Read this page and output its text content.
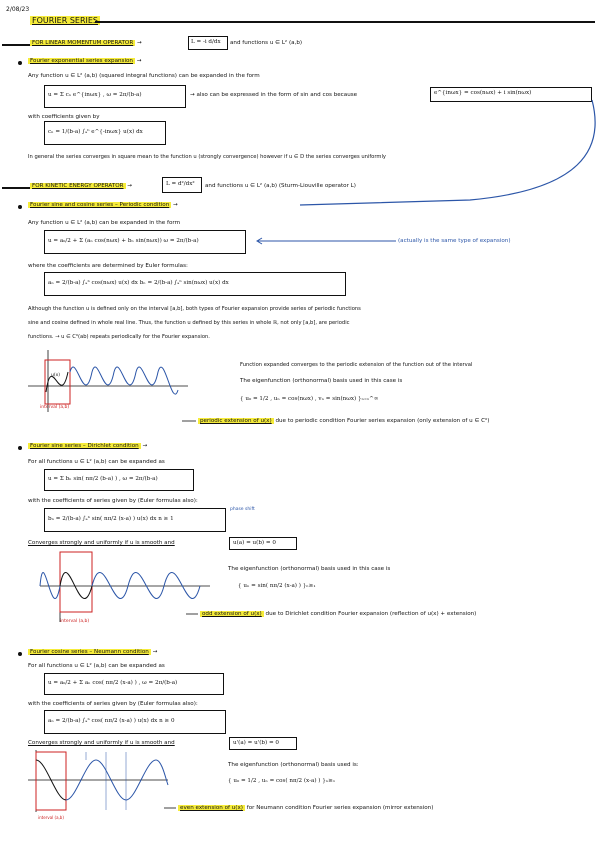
2/08/23
FOURIER SERIES
FOR LINEAR MOMENTUM OPERATOR →	L = -i d/dx and functions u ∈ L² (a,b)
Fourier exponential series expansion →
Any function u ∈ L² (a,b) (squared integral functions) can be expanded in the form
u = Σ cₙ e^{inωx} , ω = 2π/(b-a)	→ also can be expressed in the form of sin and cos because	e^{inωx} = cos(nωx) + i sin(nωx)
with coefficients given by
cₙ = 1/(b-a) ∫ₐᵇ e^{-inωx} u(x) dx
In general the series converges in square mean to the function u (strongly convergence) however if u ∈ D the series converges uniformly
FOR KINETIC ENERGY OPERATOR →	L = d²/dx² and functions u ∈ L² (a,b) (Sturm-Liouville operator L)
Fourier sine and cosine series – Periodic condition →
Any function u ∈ L² (a,b) can be expanded in the form
u = a₀/2 + Σ (aₙ cos(nωx) + bₙ sin(nωx)) ω = 2π/(b-a)	(actually is the same type of expansion)
where the coefficients are determined by Euler formulas:
aₙ = 2/(b-a) ∫ₐᵇ cos(nωx) u(x) dx bₙ = 2/(b-a) ∫ₐᵇ sin(nωx) u(x) dx
Although the function u is defined only on the interval [a,b], both types of Fourier expansion provide series of periodic functions
sine and cosine defined in whole real line. Thus, the function u defined by this series in whole ℝ, not only [a,b], are periodic
functions. → u ∈ C⁰(ab) repeats periodically for the Fourier expansion.
Function expanded converges to the periodic extension of the function out of the interval
The eigenfunction (orthonormal) basis used in this case is
{ u₀ = 1/2 , uₙ = cos(nωx) , vₙ = sin(nωx) }ₙ₌₁^∞
u(x)
interval (a,b)
periodic extension of u(x) due to periodic condition Fourier series expansion (only extension of u ∈ C⁰)
Fourier sine series – Dirichlet condition →
For all functions u ∈ L² (a,b) can be expanded as
u = Σ bₙ sin( nπ/2 (b-a) ) , ω = 2π/(b-a)
with the coefficients of series given by (Euler formulas also):
bₙ = 2/(b-a) ∫ₐᵇ sin( nπ/2 (x-a) ) u(x) dx n ≥ 1
phase shift
Converges strongly and uniformly if u is smooth and	u(a) = u(b) = 0
The eigenfunction (orthonormal) basis used in this case is
{ uₙ = sin( nπ/2 (x-a) ) }ₙ≥₁
interval (a,b)
odd extension of u(x) due to Dirichlet condition Fourier expansion (reflection of u(x) + extension)
Fourier cosine series – Neumann condition →
For all functions u ∈ L² (a,b) can be expanded as
u = a₀/2 + Σ aₙ cos( nπ/2 (x-a) ) , ω = 2π/(b-a)
with the coefficients of series given by (Euler formulas also):
aₙ = 2/(b-a) ∫ₐᵇ cos( nπ/2 (x-a) ) u(x) dx n ≥ 0
Converges strongly and uniformly if u is smooth and	u'(a) = u'(b) = 0
The eigenfunction (orthonormal) basis used is:
{ u₀ = 1/2 , uₙ = cos( nπ/2 (x-a) ) }ₙ≥₁
interval (a,b)
even extension of u(x) for Neumann condition Fourier series expansion (mirror extension)
